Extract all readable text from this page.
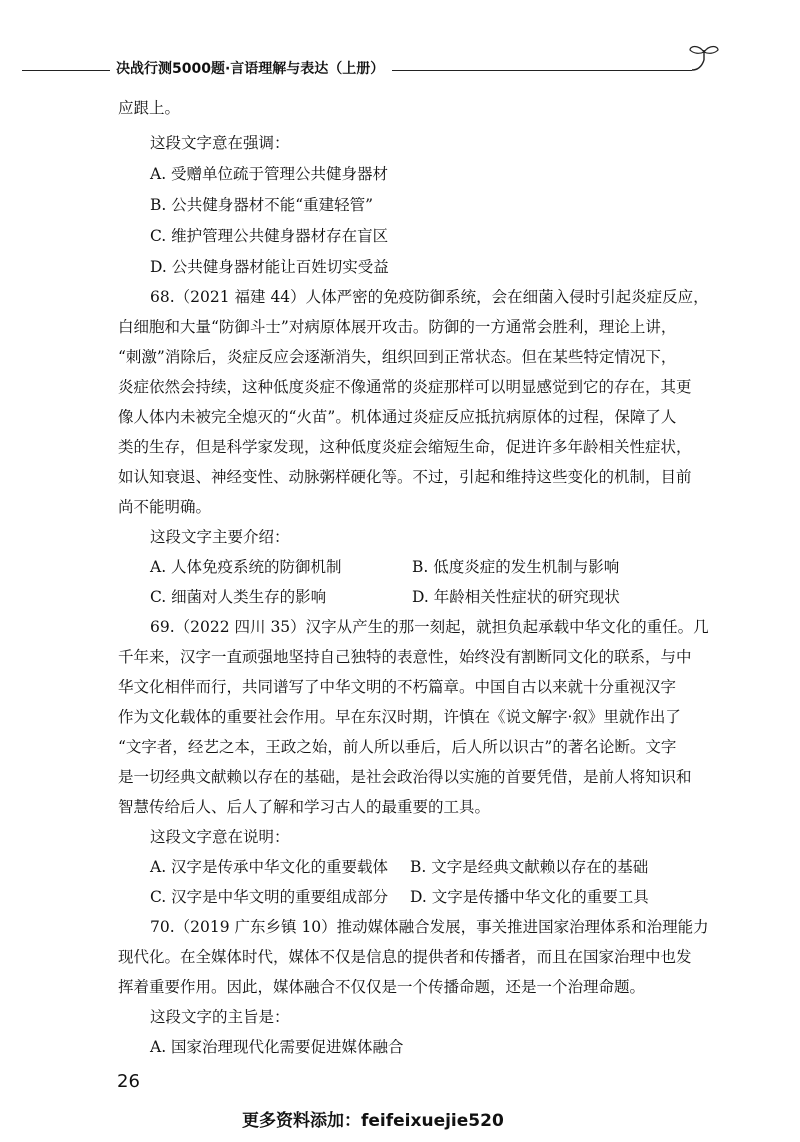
决战行测5000题·言语理解与表达（上册）
应跟上。
这段文字意在强调：
A. 受赠单位疏于管理公共健身器材
B. 公共健身器材不能“重建轻管”
C. 维护管理公共健身器材存在盲区
D. 公共健身器材能让百姓切实受益
68.（2021 福建 44）人体严密的免疫防御系统，会在细菌入侵时引起炎症反应，
白细胞和大量“防御斗士”对病原体展开攻击。防御的一方通常会胜利，理论上讲，
“刺激”消除后，炎症反应会逐渐消失，组织回到正常状态。但在某些特定情况下，
炎症依然会持续，这种低度炎症不像通常的炎症那样可以明显感觉到它的存在，其更
像人体内未被完全熄灭的“火苗”。机体通过炎症反应抵抗病原体的过程，保障了人
类的生存，但是科学家发现，这种低度炎症会缩短生命，促进许多年龄相关性症状，
如认知衰退、神经变性、动脉粥样硬化等。不过，引起和维持这些变化的机制，目前
尚不能明确。
这段文字主要介绍：
A. 人体免疫系统的防御机制	B. 低度炎症的发生机制与影响
C. 细菌对人类生存的影响	D. 年龄相关性症状的研究现状
69.（2022 四川 35）汉字从产生的那一刻起，就担负起承载中华文化的重任。几
千年来，汉字一直顽强地坚持自己独特的表意性，始终没有割断同文化的联系，与中
华文化相伴而行，共同谱写了中华文明的不朽篇章。中国自古以来就十分重视汉字
作为文化载体的重要社会作用。早在东汉时期，许慎在《说文解字·叙》里就作出了
“文字者，经艺之本，王政之始，前人所以垂后，后人所以识古”的著名论断。文字
是一切经典文献赖以存在的基础，是社会政治得以实施的首要凭借，是前人将知识和
智慧传给后人、后人了解和学习古人的最重要的工具。
这段文字意在说明：
A. 汉字是传承中华文化的重要载体 B. 文字是经典文献赖以存在的基础
C. 汉字是中华文明的重要组成部分 D. 文字是传播中华文化的重要工具
70.（2019 广东乡镇 10）推动媒体融合发展，事关推进国家治理体系和治理能力
现代化。在全媒体时代，媒体不仅是信息的提供者和传播者，而且在国家治理中也发
挥着重要作用。因此，媒体融合不仅仅是一个传播命题，还是一个治理命题。
这段文字的主旨是：
A. 国家治理现代化需要促进媒体融合
26
更多资料添加：feifeixuejie520
